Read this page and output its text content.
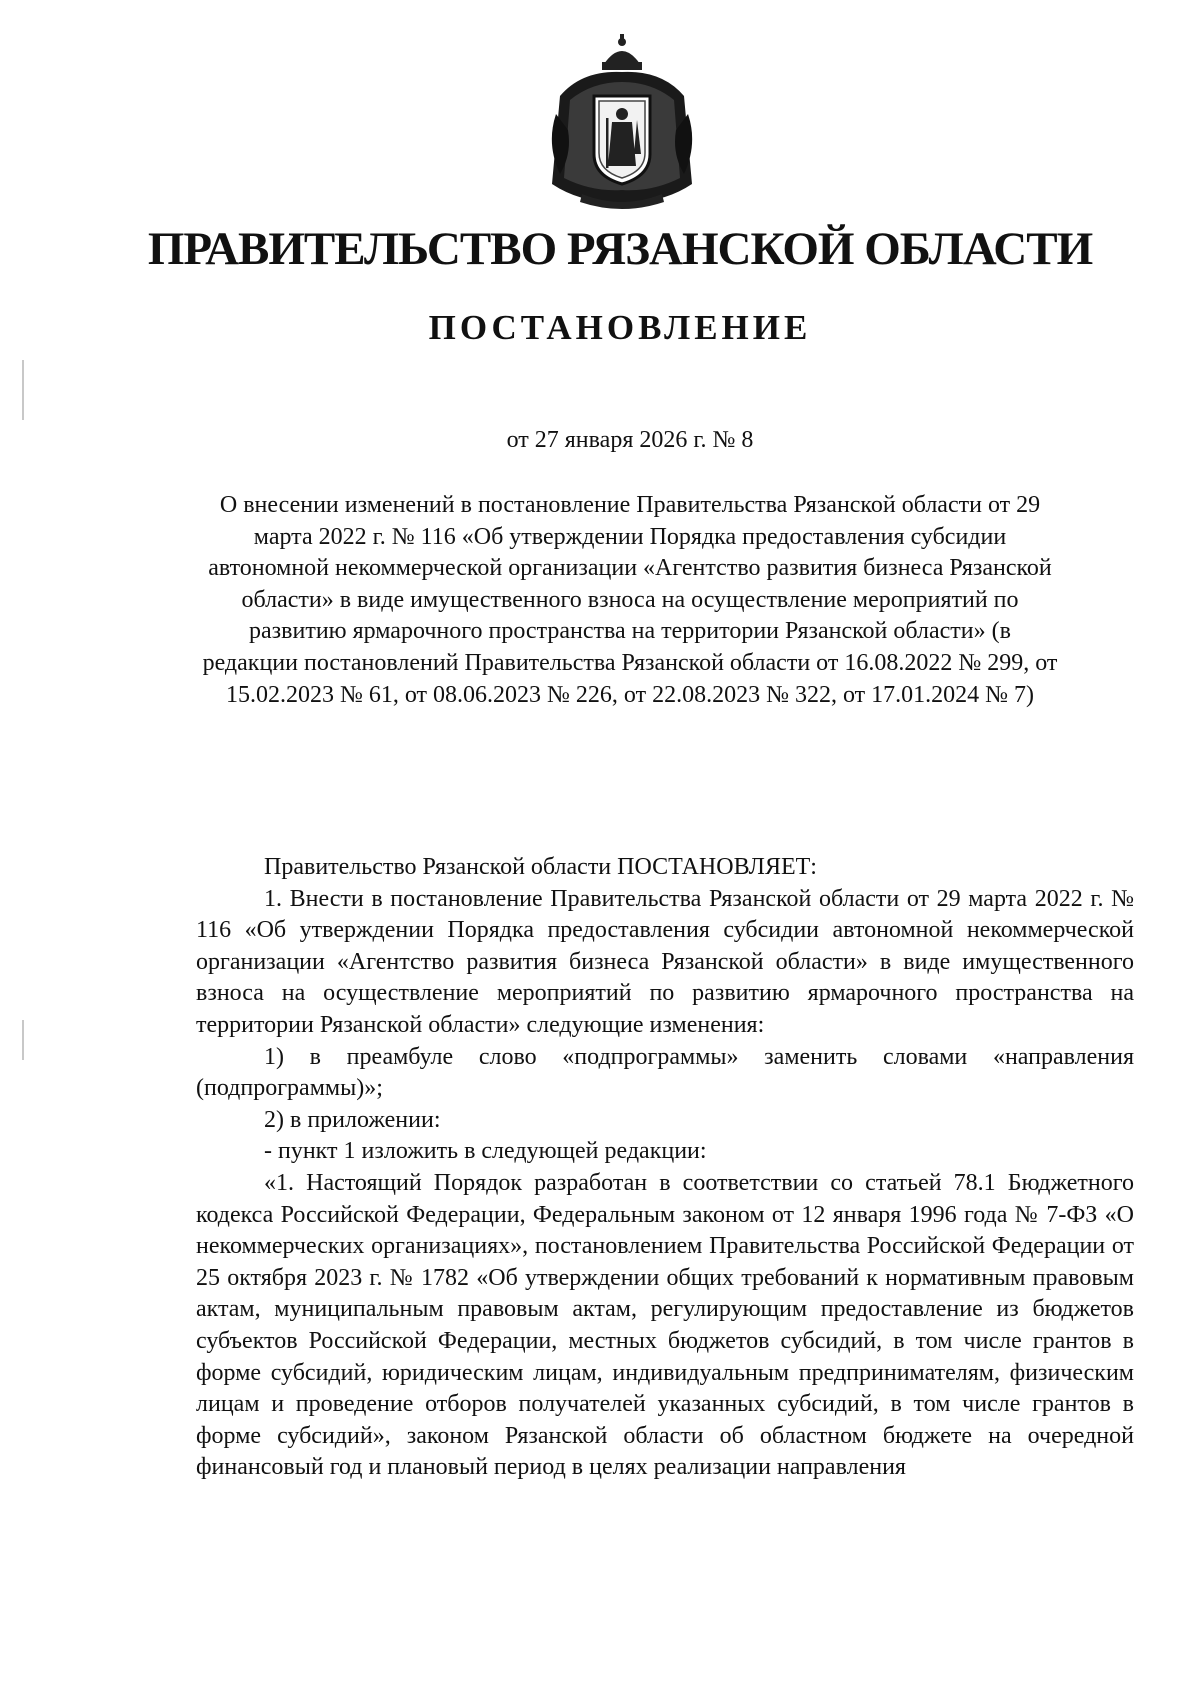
ПРАВИТЕЛЬСТВО РЯЗАНСКОЙ ОБЛАСТИ
ПОСТАНОВЛЕНИЕ
от 27 января 2026 г. № 8
О внесении изменений в постановление Правительства Рязанской области от 29 марта 2022 г. № 116 «Об утверждении Порядка предоставления субсидии автономной некоммерческой организации «Агентство развития бизнеса Рязанской области» в виде имущественного взноса на осуществление мероприятий по развитию ярмарочного пространства на территории Рязанской области» (в редакции постановлений Правительства Рязанской области от 16.08.2022 № 299, от 15.02.2023 № 61, от 08.06.2023 № 226, от 22.08.2023 № 322, от 17.01.2024 № 7)

Правительство Рязанской области ПОСТАНОВЛЯЕТ:

1. Внести в постановление Правительства Рязанской области от 29 марта 2022 г. № 116 «Об утверждении Порядка предоставления субсидии автономной некоммерческой организации «Агентство развития бизнеса Рязанской области» в виде имущественного взноса на осуществление мероприятий по развитию ярмарочного пространства на территории Рязанской области» следующие изменения:

1) в преамбуле слово «подпрограммы» заменить словами «направления (подпрограммы)»;

2) в приложении:

- пункт 1 изложить в следующей редакции:

«1. Настоящий Порядок разработан в соответствии со статьей 78.1 Бюджетного кодекса Российской Федерации, Федеральным законом от 12 января 1996 года № 7-ФЗ «О некоммерческих организациях», постановлением Правительства Российской Федерации от 25 октября 2023 г. № 1782 «Об утверждении общих требований к нормативным правовым актам, муниципальным правовым актам, регулирующим предоставление из бюджетов субъектов Российской Федерации, местных бюджетов субсидий, в том числе грантов в форме субсидий, юридическим лицам, индивидуальным предпринимателям, физическим лицам и проведение отборов получателей указанных субсидий, в том числе грантов в форме субсидий», законом Рязанской области об областном бюджете на очередной финансовый год и плановый период в целях реализации направления
